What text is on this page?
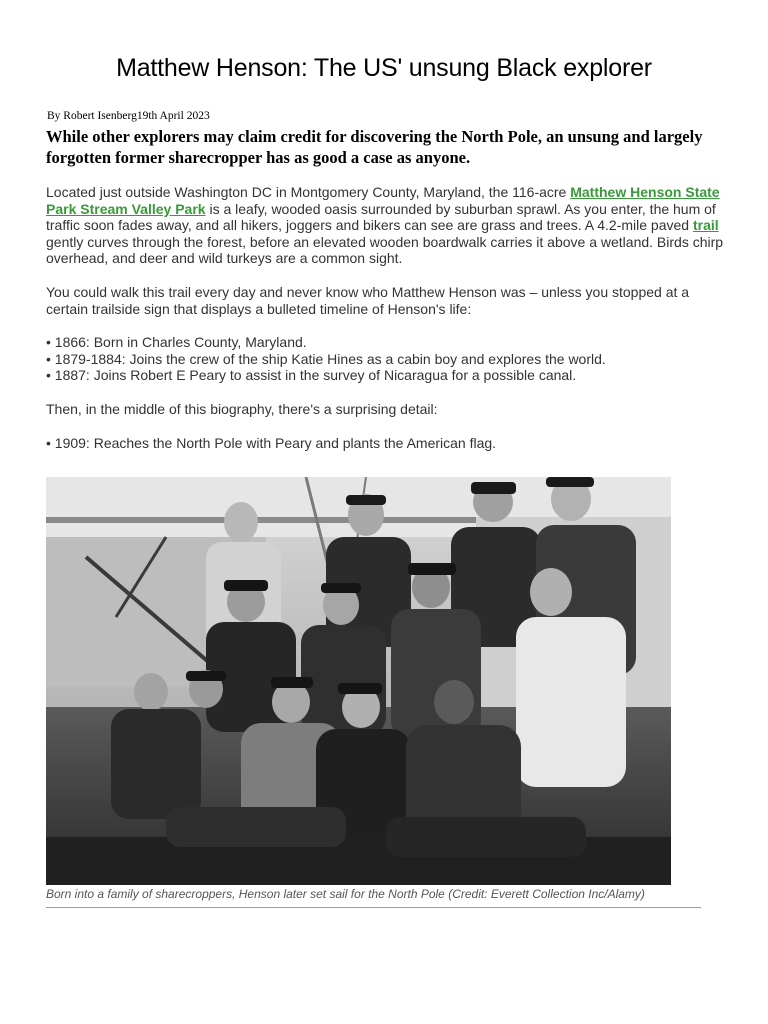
Matthew Henson: The US' unsung Black explorer
By Robert Isenberg19th April 2023
While other explorers may claim credit for discovering the North Pole, an unsung and largely forgotten former sharecropper has as good a case as anyone.

Located just outside Washington DC in Montgomery County, Maryland, the 116-acre Matthew Henson State Park Stream Valley Park is a leafy, wooded oasis surrounded by suburban sprawl. As you enter, the hum of traffic soon fades away, and all hikers, joggers and bikers can see are grass and trees. A 4.2-mile paved trail gently curves through the forest, before an elevated wooden boardwalk carries it above a wetland. Birds chirp overhead, and deer and wild turkeys are a common sight.

You could walk this trail every day and never know who Matthew Henson was – unless you stopped at a certain trailside sign that displays a bulleted timeline of Henson's life:

• 1866: Born in Charles County, Maryland.
• 1879-1884: Joins the crew of the ship Katie Hines as a cabin boy and explores the world.
• 1887: Joins Robert E Peary to assist in the survey of Nicaragua for a possible canal.

Then, in the middle of this biography, there's a surprising detail:

• 1909: Reaches the North Pole with Peary and plants the American flag.

Born into a family of sharecroppers, Henson later set sail for the North Pole (Credit: Everett Collection Inc/Alamy)
